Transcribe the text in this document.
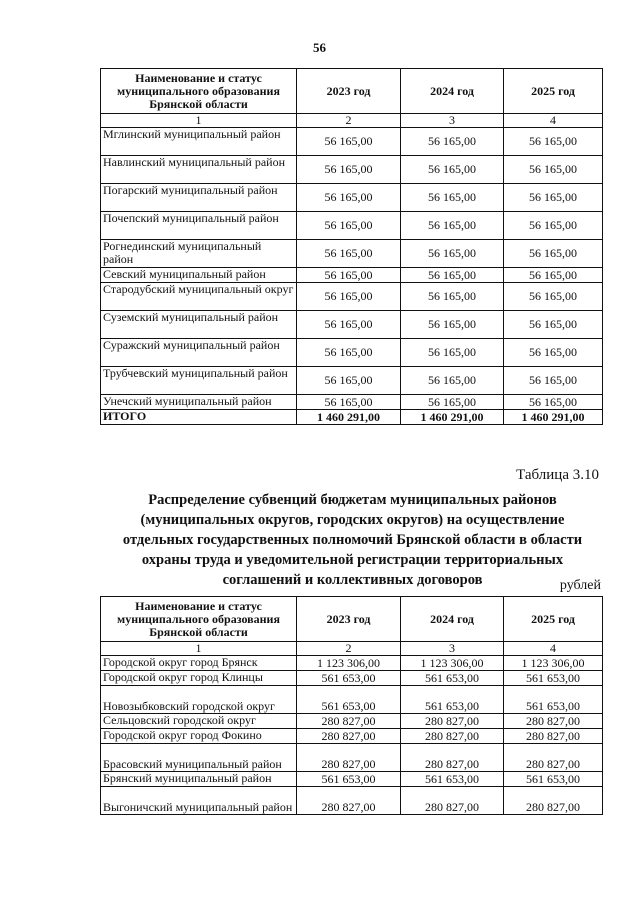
56
Наименование и статус муниципального образования Брянской области	2023 год	2024 год	2025 год
1	2	3	4
Мглинский муниципальный район	56 165,00	56 165,00	56 165,00
Навлинский муниципальный район	56 165,00	56 165,00	56 165,00
Погарский муниципальный район	56 165,00	56 165,00	56 165,00
Почепский муниципальный район	56 165,00	56 165,00	56 165,00
Рогнединский муниципальный район	56 165,00	56 165,00	56 165,00
Севский муниципальный район	56 165,00	56 165,00	56 165,00
Стародубский муниципальный округ	56 165,00	56 165,00	56 165,00
Суземский муниципальный район	56 165,00	56 165,00	56 165,00
Суражский муниципальный район	56 165,00	56 165,00	56 165,00
Трубчевский муниципальный район	56 165,00	56 165,00	56 165,00
Унечский муниципальный район	56 165,00	56 165,00	56 165,00
ИТОГО	1 460 291,00	1 460 291,00	1 460 291,00
Таблица 3.10
Распределение субвенций бюджетам муниципальных районов
(муниципальных округов, городских округов) на осуществление
отдельных государственных полномочий Брянской области в области
охраны труда и уведомительной регистрации территориальных
соглашений и коллективных договоров	рублей
Наименование и статус муниципального образования Брянской области	2023 год	2024 год	2025 год
1	2	3	4
Городской округ город Брянск	1 123 306,00	1 123 306,00	1 123 306,00
Городской округ город Клинцы	561 653,00	561 653,00	561 653,00
Новозыбковский городской округ	561 653,00	561 653,00	561 653,00
Сельцовский городской округ	280 827,00	280 827,00	280 827,00
Городской округ город Фокино	280 827,00	280 827,00	280 827,00
Брасовский муниципальный район	280 827,00	280 827,00	280 827,00
Брянский муниципальный район	561 653,00	561 653,00	561 653,00
Выгоничский муниципальный район	280 827,00	280 827,00	280 827,00
